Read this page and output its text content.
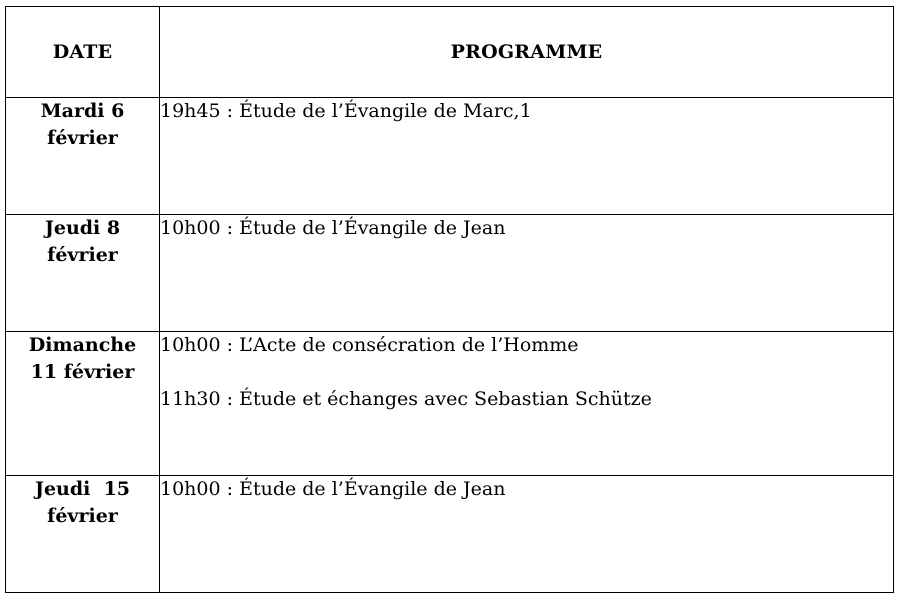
DATE	PROGRAMME

Mardi 6
février	19h45 : Étude de l’Évangile de Marc,1

Jeudi 8
février	10h00 : Étude de l’Évangile de Jean

Dimanche
11 février	10h00 : L’Acte de consécration de l’Homme
11h30 : Étude et échanges avec Sebastian Schütze

Jeudi  15
février	10h00 : Étude de l’Évangile de Jean
